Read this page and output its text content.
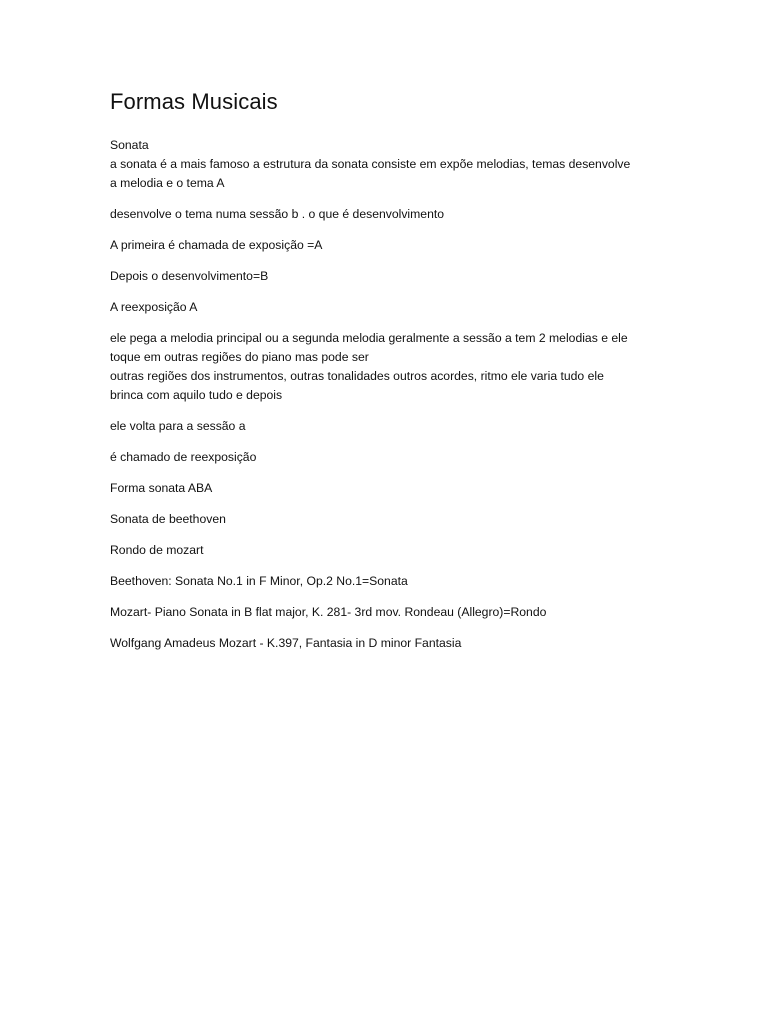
Formas Musicais

Sonata
a sonata é a mais famoso a estrutura da sonata consiste em expõe melodias, temas desenvolve
a melodia e o tema A

desenvolve o tema numa sessão b . o que é desenvolvimento

A primeira é chamada de exposição =A

Depois o desenvolvimento=B

A reexposição A

ele pega a melodia principal ou a segunda melodia geralmente a sessão a tem 2 melodias e ele
toque em outras regiões do piano mas pode ser
outras regiões dos instrumentos, outras tonalidades outros acordes, ritmo ele varia tudo ele
brinca com aquilo tudo e depois

ele volta para a sessão a

é chamado de reexposição

Forma sonata ABA

Sonata de beethoven

Rondo de mozart

Beethoven: Sonata No.1 in F Minor, Op.2 No.1=Sonata

Mozart- Piano Sonata in B flat major, K. 281- 3rd mov. Rondeau (Allegro)=Rondo

Wolfgang Amadeus Mozart - K.397, Fantasia in D minor Fantasia
